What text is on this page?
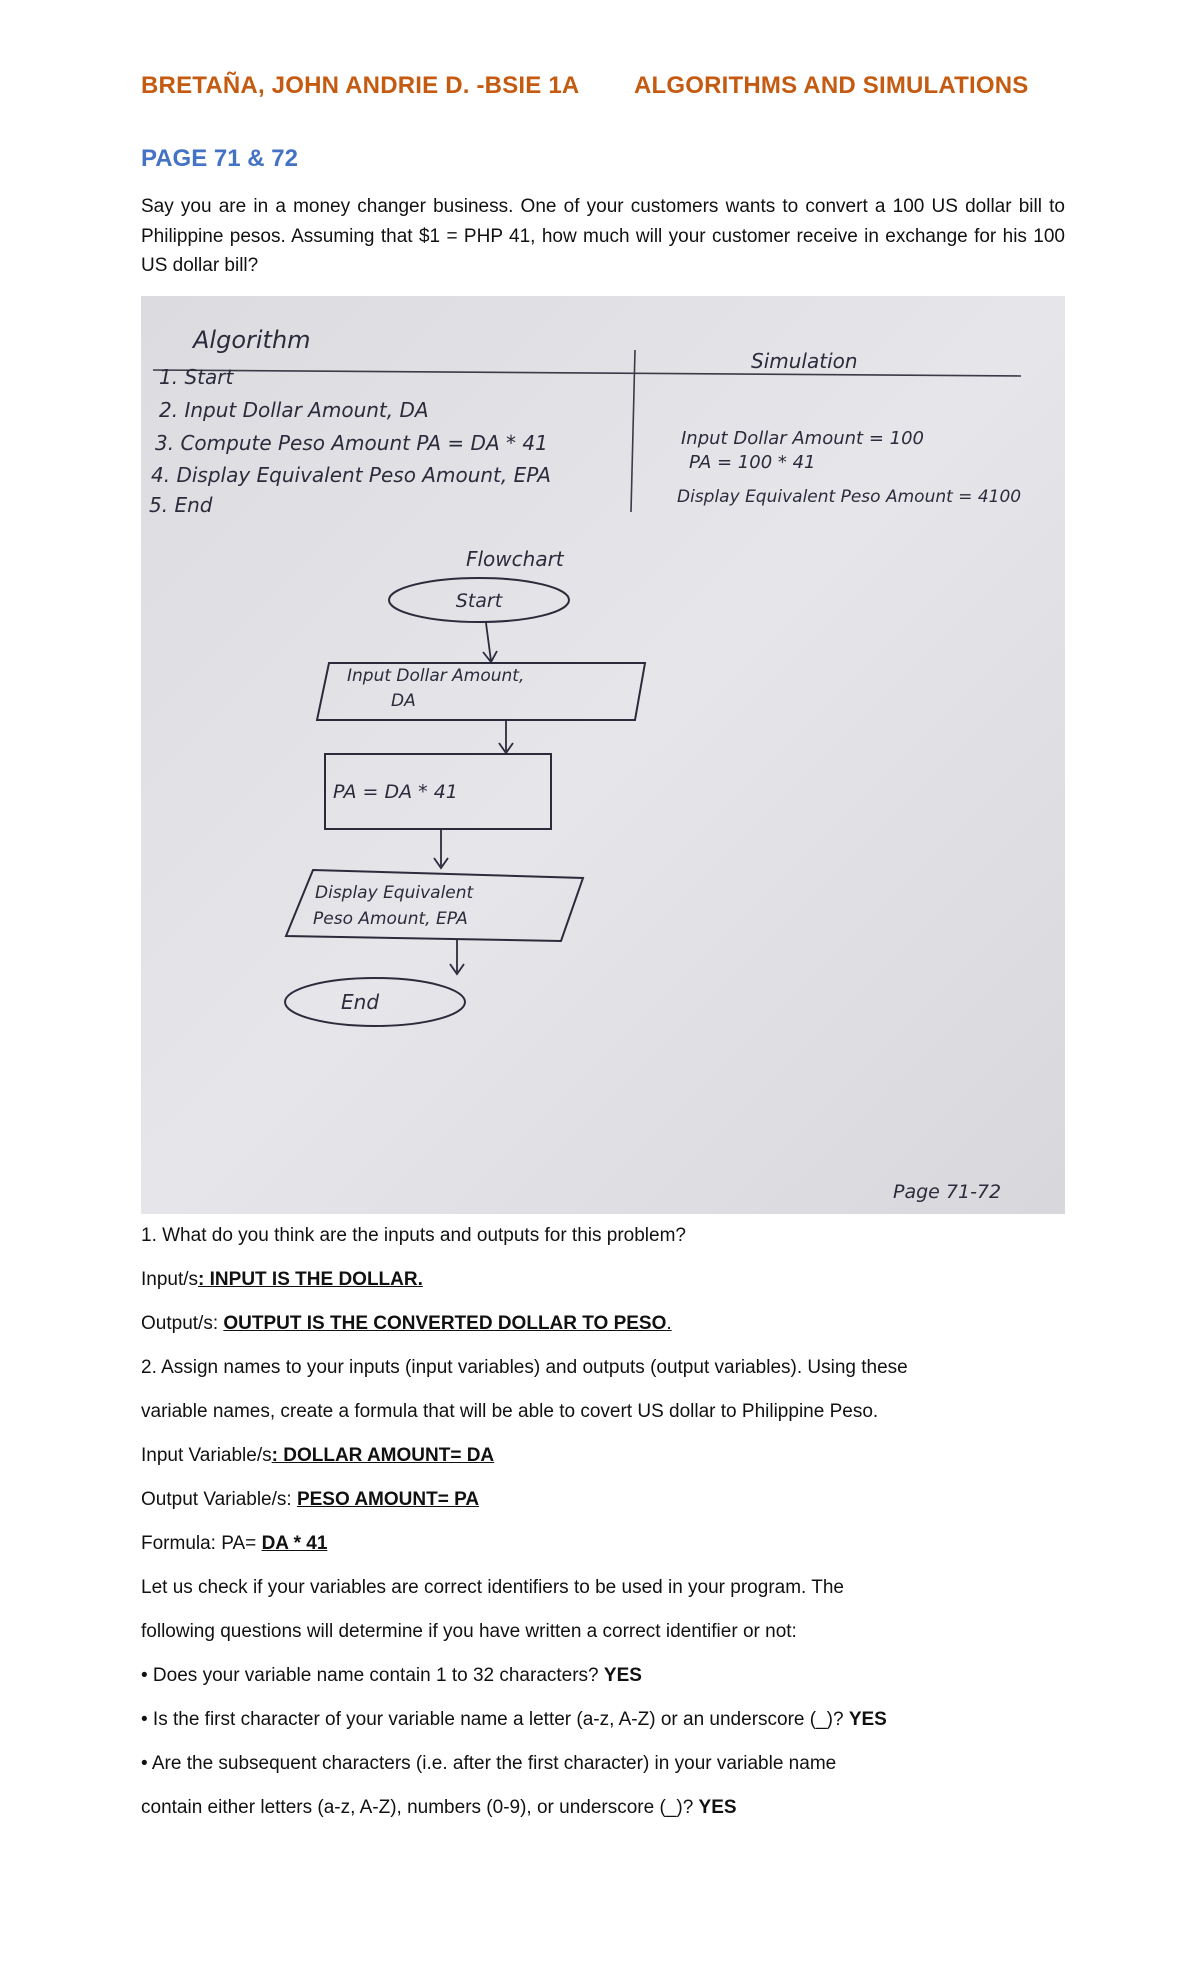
BRETAÑA, JOHN ANDRIE D. -BSIE 1A ALGORITHMS AND SIMULATIONS
PAGE 71 & 72
Say you are in a money changer business. One of your customers wants to convert a 100 US dollar bill to Philippine pesos. Assuming that $1 = PHP 41, how much will your customer receive in exchange for his 100 US dollar bill?
Algorithm
1. Start
2. Input Dollar Amount, DA
3. Compute Peso Amount PA = DA * 41
4. Display Equivalent Peso Amount, EPA
5. End
Simulation
Input Dollar Amount = 100
PA = 100 * 41
Display Equivalent Peso Amount = 4100
Flowchart
Start
Input Dollar Amount,
DA
PA = DA * 41
Display Equivalent
Peso Amount, EPA
End
Page 71-72
1. What do you think are the inputs and outputs for this problem?
Input/s: INPUT IS THE DOLLAR.
Output/s: OUTPUT IS THE CONVERTED DOLLAR TO PESO.
2. Assign names to your inputs (input variables) and outputs (output variables). Using these
variable names, create a formula that will be able to covert US dollar to Philippine Peso.
Input Variable/s: DOLLAR AMOUNT= DA
Output Variable/s: PESO AMOUNT= PA
Formula: PA= DA * 41
Let us check if your variables are correct identifiers to be used in your program. The
following questions will determine if you have written a correct identifier or not:
• Does your variable name contain 1 to 32 characters? YES
• Is the first character of your variable name a letter (a-z, A-Z) or an underscore (_)? YES
• Are the subsequent characters (i.e. after the first character) in your variable name
contain either letters (a-z, A-Z), numbers (0-9), or underscore (_)? YES
